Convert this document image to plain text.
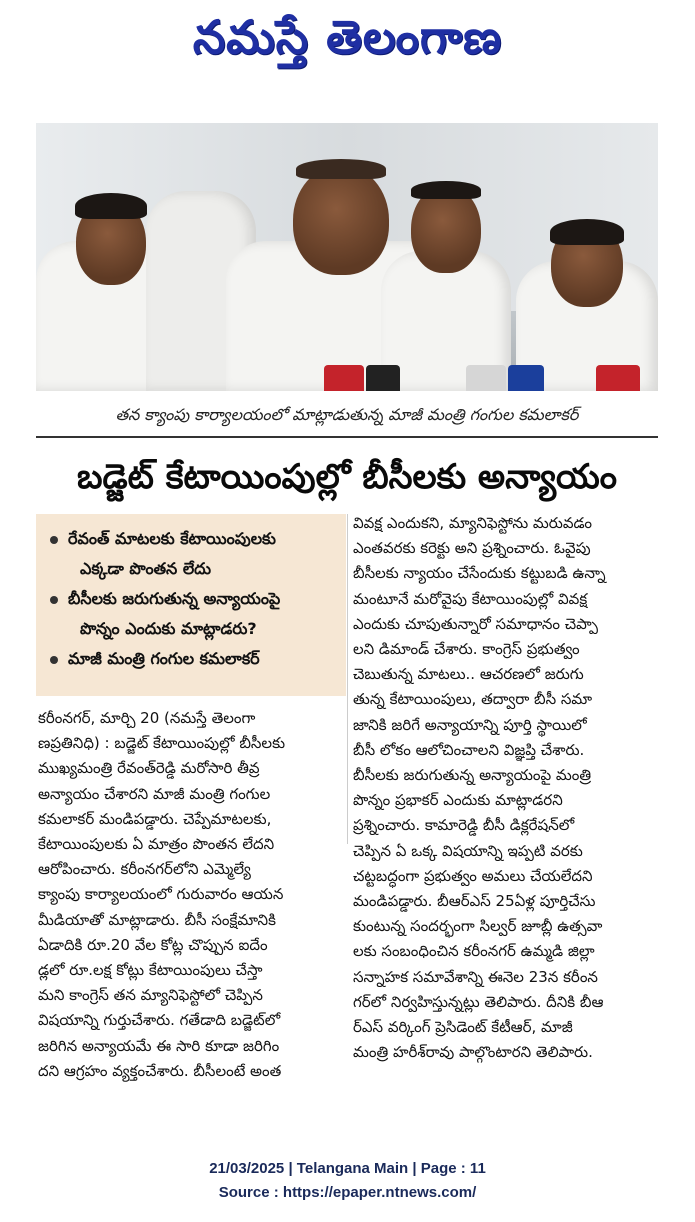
నమస్తే తెలంగాణ
తన క్యాంపు కార్యాలయంలో మాట్లాడుతున్న మాజీ మంత్రి గంగుల కమలాకర్
బడ్జెట్ కేటాయింపుల్లో బీసీలకు అన్యాయం
రేవంత్ మాటలకు కేటాయింపులకు
ఎక్కడా పొంతన లేదు
బీసీలకు జరుగుతున్న అన్యాయంపై
పొన్నం ఎందుకు మాట్లాడరు?
మాజీ మంత్రి గంగుల కమలాకర్
కరీంనగర్, మార్చి 20 (నమస్తే తెలంగా
ణప్రతినిధి) : బడ్జెట్ కేటాయింపుల్లో బీసీలకు
ముఖ్యమంత్రి రేవంత్‌రెడ్డి మరోసారి తీవ్ర
అన్యాయం చేశారని మాజీ మంత్రి గంగుల
కమలాకర్ మండిపడ్డారు. చెప్పేమాటలకు,
కేటాయింపులకు ఏ మాత్రం పొంతన లేదని
ఆరోపించారు. కరీంనగర్‌లోని ఎమ్మెల్యే
క్యాంపు కార్యాలయంలో గురువారం ఆయన
మీడియాతో మాట్లాడారు. బీసీ సంక్షేమానికి
ఏడాదికి రూ.20 వేల కోట్ల చొప్పున ఐదేం
డ్లలో రూ.లక్ష కోట్లు కేటాయింపులు చేస్తా
మని కాంగ్రెస్ తన మ్యానిఫెస్టోలో చెప్పిన
విషయాన్ని గుర్తుచేశారు. గతేడాది బడ్జెట్‌లో
జరిగిన అన్యాయమే ఈ సారి కూడా జరిగిం
దని ఆగ్రహం వ్యక్తంచేశారు. బీసీలంటే అంత
వివక్ష ఎందుకని, మ్యానిఫెస్టోను మరువడం
ఎంతవరకు కరెక్టు అని ప్రశ్నించారు. ఓవైపు
బీసీలకు న్యాయం చేసేందుకు కట్టుబడి ఉన్నా
మంటూనే మరోవైపు కేటాయింపుల్లో వివక్ష
ఎందుకు చూపుతున్నారో సమాధానం చెప్పా
లని డిమాండ్ చేశారు. కాంగ్రెస్ ప్రభుత్వం
చెబుతున్న మాటలు.. ఆచరణలో జరుగు
తున్న కేటాయింపులు, తద్వారా బీసీ సమా
జానికి జరిగే అన్యాయాన్ని పూర్తి స్థాయిలో
బీసీ లోకం ఆలోచించాలని విజ్ఞప్తి చేశారు.
బీసీలకు జరుగుతున్న అన్యాయంపై మంత్రి
పొన్నం ప్రభాకర్ ఎందుకు మాట్లాడరని
ప్రశ్నించారు. కామారెడ్డి బీసీ డిక్లరేషన్‌లో
చెప్పిన ఏ ఒక్క విషయాన్ని ఇప్పటి వరకు
చట్టబద్ధంగా ప్రభుత్వం అమలు చేయలేదని
మండిపడ్డారు. బీఆర్‌ఎస్ 25ఏళ్ల పూర్తిచేసు
కుంటున్న సందర్భంగా సిల్వర్ జూబ్లీ ఉత్సవా
లకు సంబంధించిన కరీంనగర్ ఉమ్మడి జిల్లా
సన్నాహక సమావేశాన్ని ఈనెల 23న కరీంన
గర్‌లో నిర్వహిస్తున్నట్లు తెలిపారు. దీనికి బీఆ
ర్‌ఎస్ వర్కింగ్ ప్రెసిడెంట్ కేటీఆర్, మాజీ
మంత్రి హరీశ్‌రావు పాల్గొంటారని తెలిపారు.
21/03/2025 | Telangana Main | Page : 11
Source : https://epaper.ntnews.com/
